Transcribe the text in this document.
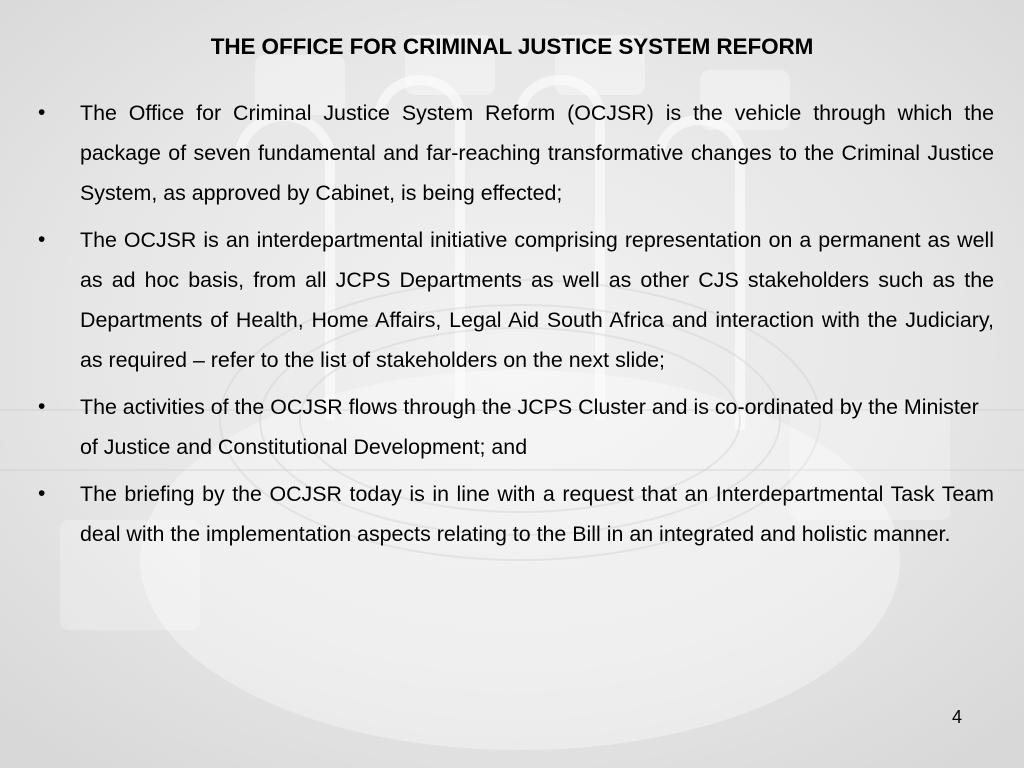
THE OFFICE FOR CRIMINAL JUSTICE SYSTEM REFORM
• The Office for Criminal Justice System Reform (OCJSR) is the vehicle through which the package of seven fundamental and far-reaching transformative changes to the Criminal Justice System, as approved by Cabinet, is being effected;
• The OCJSR is an interdepartmental initiative comprising representation on a permanent as well as ad hoc basis, from all JCPS Departments as well as other CJS stakeholders such as the Departments of Health, Home Affairs, Legal Aid South Africa and interaction with the Judiciary, as required – refer to the list of stakeholders on the next slide;
• The activities of the OCJSR flows through the JCPS Cluster and is co-ordinated by the Minister of Justice and Constitutional Development; and
• The briefing by the OCJSR today is in line with a request that an Interdepartmental Task Team deal with the implementation aspects relating to the Bill in an integrated and holistic manner.
4
